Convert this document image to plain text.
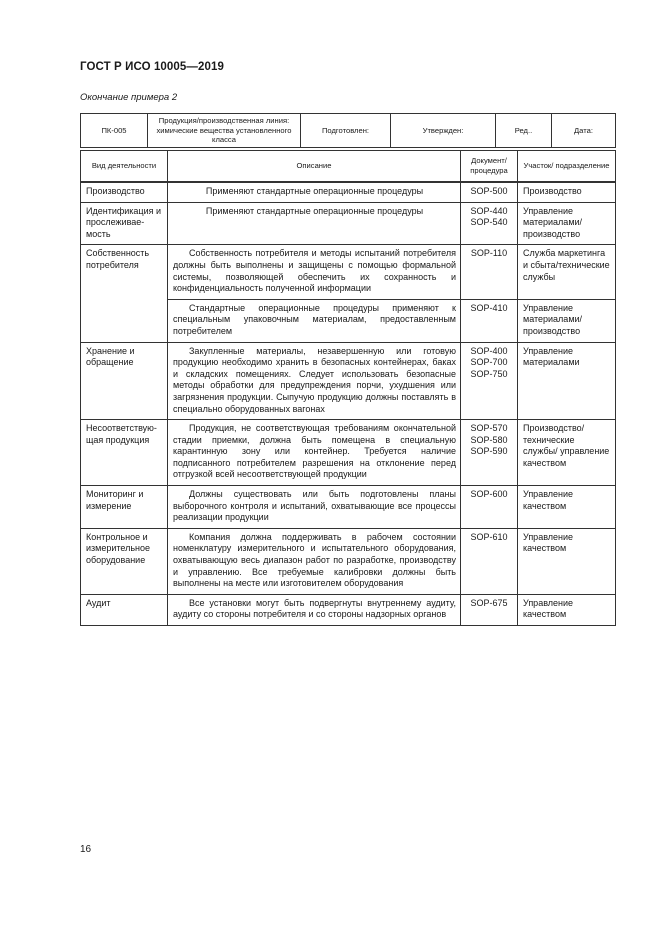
ГОСТ Р ИСО 10005—2019
Окончание примера 2
ПК-005	Продукция/производственная линия: химические вещества установленного класса	Подготовлен:	Утвержден:	Ред..	Дата:
Вид деятельности	Описание	Документ/ процедура	Участок/ подразделение
Производство	Применяют стандартные операционные процедуры	SOP-500	Производство
Идентификация и прослеживае-мость	Применяют стандартные операционные процедуры	SOP-440 SOP-540	Управление материалами/ производство
Собственность потребителя	Собственность потребителя и методы испытаний потребителя должны быть выполнены и защищены с помощью формальной системы, позволяющей обеспечить их сохранность и конфиденциальность полученной информации	SOP-110	Служба маркетинга и сбыта/технические службы
	Стандартные операционные процедуры применяют к специальным упаковочным материалам, предоставленным потребителем	SOP-410	Управление материалами/ производство
Хранение и обращение	Закупленные материалы, незавершенную или готовую продукцию необходимо хранить в безопасных контейнерах, баках и складских помещениях. Следует использовать безопасные методы обработки для предупреждения порчи, ухудшения или загрязнения продукции. Сыпучую продукцию должны поставлять в специально оборудованных вагонах	SOP-400 SOP-700 SOP-750	Управление материалами
Несоответствую-щая продукция	Продукция, не соответствующая требованиям окончательной стадии приемки, должна быть помещена в специальную карантинную зону или контейнер. Требуется наличие подписанного потребителем разрешения на отклонение перед отгрузкой всей несоответствующей продукции	SOP-570 SOP-580 SOP-590	Производство/ технические службы/ управление качеством
Мониторинг и измерение	Должны существовать или быть подготовлены планы выборочного контроля и испытаний, охватывающие все процессы реализации продукции	SOP-600	Управление качеством
Контрольное и измерительное оборудование	Компания должна поддерживать в рабочем состоянии номенклатуру измерительного и испытательного оборудования, охватывающую весь диапазон работ по разработке, производству и управлению. Все требуемые калибровки должны быть выполнены на месте или изготовителем оборудования	SOP-610	Управление качеством
Аудит	Все установки могут быть подвергнуты внутреннему аудиту, аудиту со стороны потребителя и со стороны надзорных органов	SOP-675	Управление качеством
16
